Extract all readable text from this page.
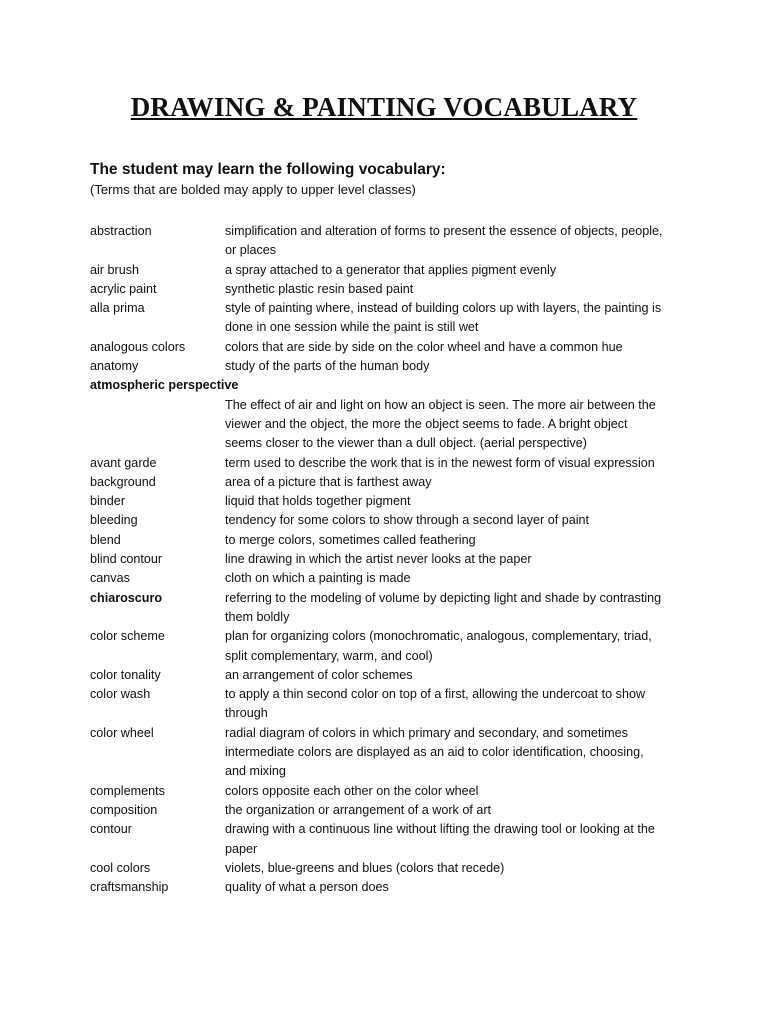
DRAWING & PAINTING VOCABULARY
The student may learn the following vocabulary:
(Terms that are bolded may apply to upper level classes)
abstraction	simplification and alteration of forms to present the essence of objects, people, or places
air brush	a spray attached to a generator that applies pigment evenly
acrylic paint	synthetic plastic resin based paint
alla prima	style of painting where, instead of building colors up with layers, the painting is done in one session while the paint is still wet
analogous colors	colors that are side by side on the color wheel and have a common hue
anatomy	study of the parts of the human body
atmospheric perspective
The effect of air and light on how an object is seen. The more air between the viewer and the object, the more the object seems to fade. A bright object seems closer to the viewer than a dull object. (aerial perspective)
avant garde	term used to describe the work that is in the newest form of visual expression
background	area of a picture that is farthest away
binder	liquid that holds together pigment
bleeding	tendency for some colors to show through a second layer of paint
blend	to merge colors, sometimes called feathering
blind contour	line drawing in which the artist never looks at the paper
canvas	cloth on which a painting is made
chiaroscuro	referring to the modeling of volume by depicting light and shade by contrasting them boldly
color scheme	plan for organizing colors (monochromatic, analogous, complementary, triad, split complementary, warm, and cool)
color tonality	an arrangement of color schemes
color wash	to apply a thin second color on top of a first, allowing the undercoat to show through
color wheel	radial diagram of colors in which primary and secondary, and sometimes intermediate colors are displayed as an aid to color identification, choosing, and mixing
complements	colors opposite each other on the color wheel
composition	the organization or arrangement of a work of art
contour	drawing with a continuous line without lifting the drawing tool or looking at the paper
cool colors	violets, blue-greens and blues (colors that recede)
craftsmanship	quality of what a person does
